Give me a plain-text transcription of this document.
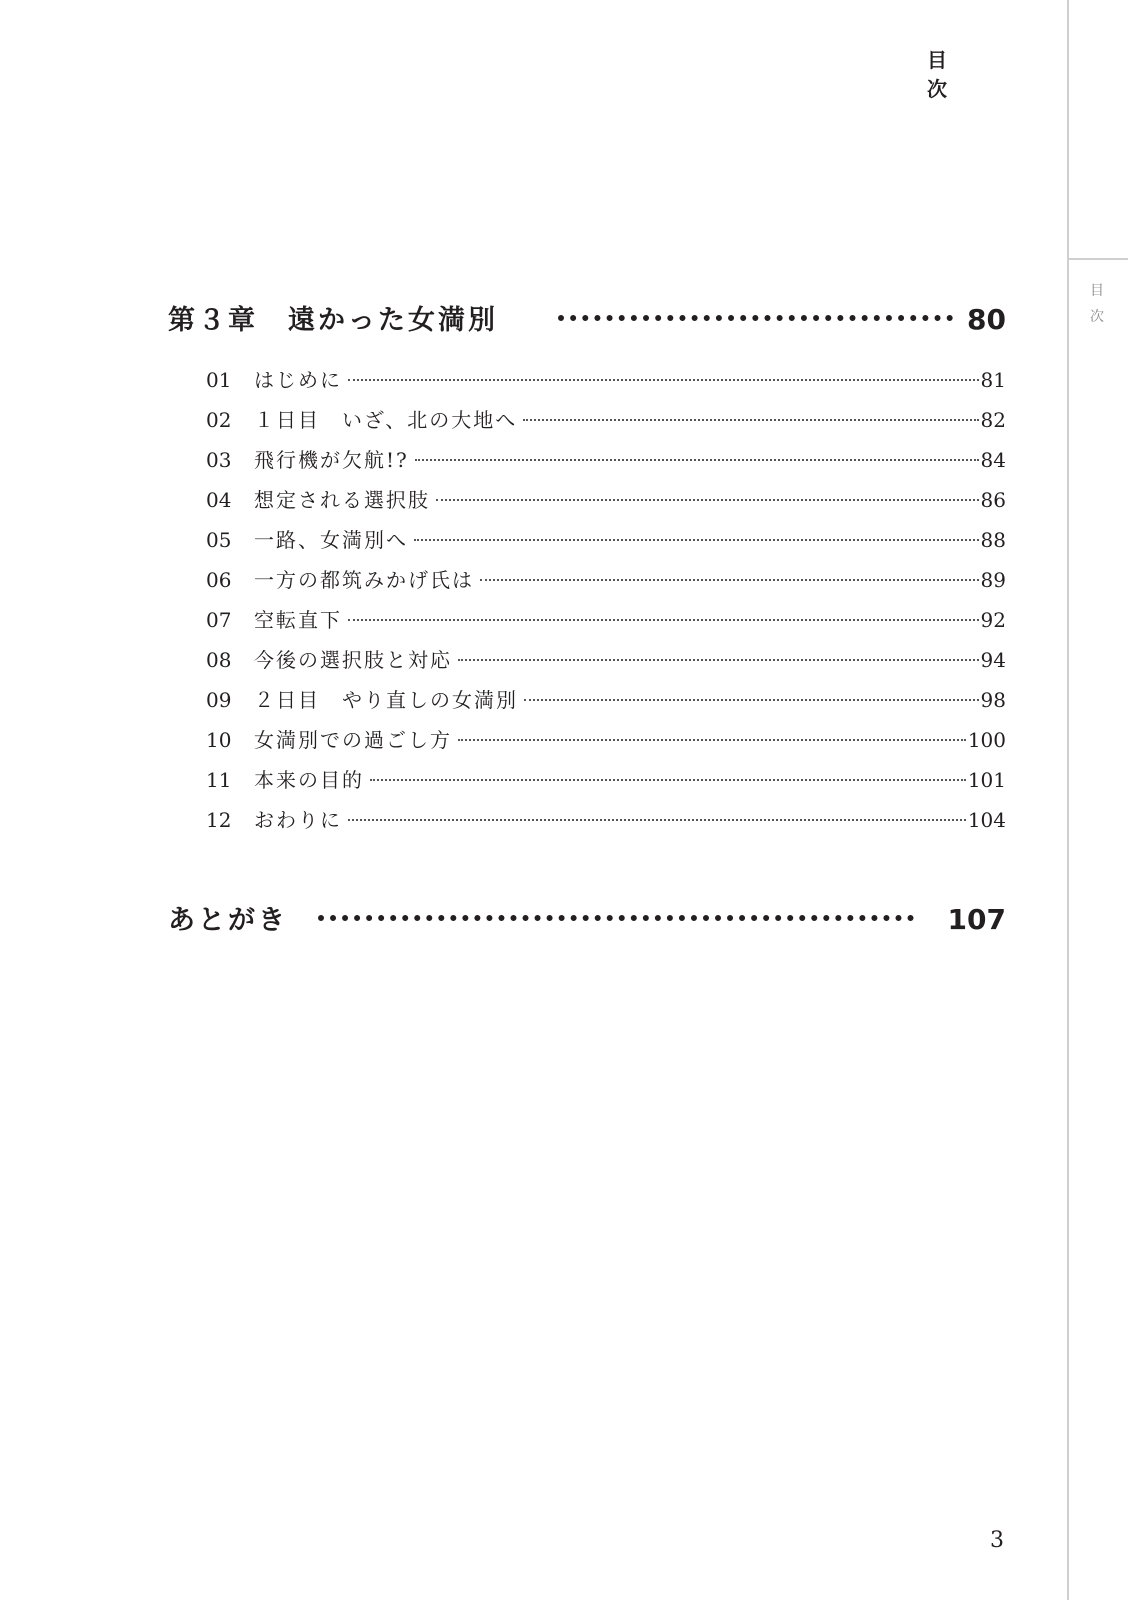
目　次
目　次
第３章　遠かった女満別	80
01	はじめに	81
02	１日目　いざ、北の大地へ	82
03	飛行機が欠航!?	84
04	想定される選択肢	86
05	一路、女満別へ	88
06	一方の都筑みかげ氏は	89
07	空転直下	92
08	今後の選択肢と対応	94
09	２日目　やり直しの女満別	98
10	女満別での過ごし方	100
11	本来の目的	101
12	おわりに	104
あとがき	107
3
